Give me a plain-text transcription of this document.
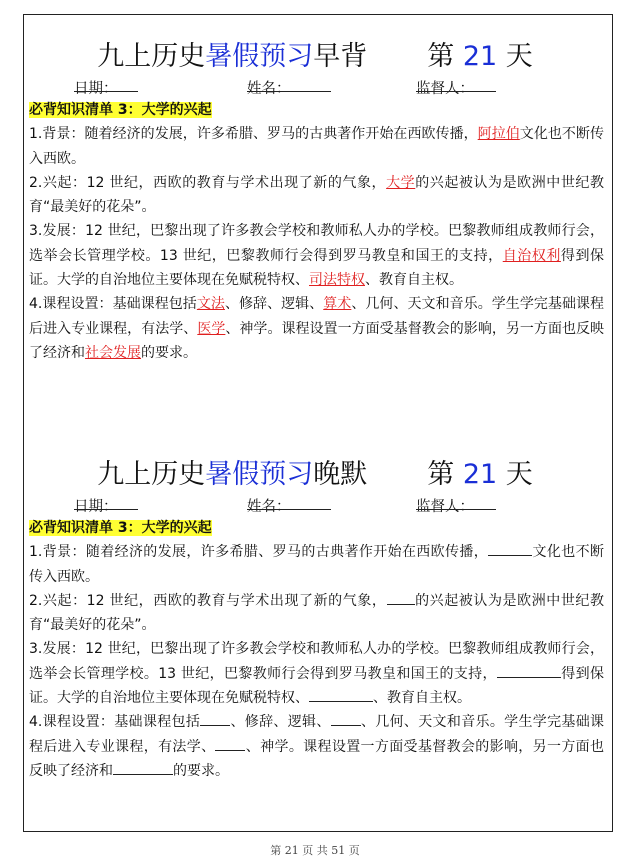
九上历史暑假预习早背 第 21 天
日期：	姓名：	监督人：

必背知识清单 3：大学的兴起

1.背景：随着经济的发展，许多希腊、罗马的古典著作开始在西欧传播，阿拉伯文化也不断传入西欧。

2.兴起：12 世纪，西欧的教育与学术出现了新的气象，大学的兴起被认为是欧洲中世纪教育“最美好的花朵”。

3.发展：12 世纪，巴黎出现了许多教会学校和教师私人办的学校。巴黎教师组成教师行会，选举会长管理学校。13 世纪，巴黎教师行会得到罗马教皇和国王的支持，自治权利得到保证。大学的自治地位主要体现在免赋税特权、司法特权、教育自主权。

4.课程设置：基础课程包括文法、修辞、逻辑、算术、几何、天文和音乐。学生学完基础课程后进入专业课程，有法学、医学、神学。课程设置一方面受基督教会的影响，另一方面也反映了经济和社会发展的要求。

九上历史暑假预习晚默 第 21 天
日期：	姓名：	监督人：

必背知识清单 3：大学的兴起

1.背景：随着经济的发展，许多希腊、罗马的古典著作开始在西欧传播，	文化也不断传入西欧。

2.兴起：12 世纪，西欧的教育与学术出现了新的气象， 的兴起被认为是欧洲中世纪教育“最美好的花朵”。

3.发展：12 世纪，巴黎出现了许多教会学校和教师私人办的学校。巴黎教师组成教师行会，选举会长管理学校。13 世纪，巴黎教师行会得到罗马教皇和国王的支持，	得到保证。大学的自治地位主要体现在免赋税特权、	、教育自主权。

4.课程设置：基础课程包括 、修辞、逻辑、 、几何、天文和音乐。学生学完基础课程后进入专业课程，有法学、 、神学。课程设置一方面受基督教会的影响，另一方面也反映了经济和	的要求。

第 21 页 共 51 页
